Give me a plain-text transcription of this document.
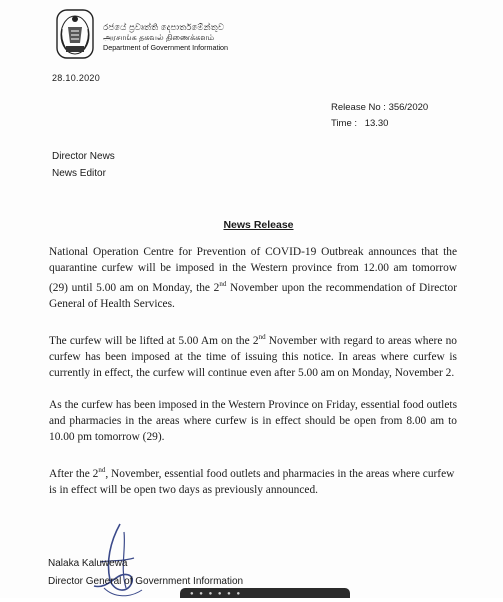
රජයේ ප්‍රවෘත්ති දෙපාර්තමේන්තුව
அரசாங்க தகவல் திணைக்களம்
Department of Government Information
28.10.2020
Release No : 356/2020
Time : 13.30
Director News
News Editor
News Release

National Operation Centre for Prevention of COVID-19 Outbreak announces that the quarantine curfew will be imposed in the Western province from 12.00 am tomorrow (29) until 5.00 am on Monday, the 2nd November upon the recommendation of Director General of Health Services.

The curfew will be lifted at 5.00 Am on the 2nd November with regard to areas where no curfew has been imposed at the time of issuing this notice. In areas where curfew is currently in effect, the curfew will continue even after 5.00 am on Monday, November 2.

As the curfew has been imposed in the Western Province on Friday, essential food outlets and pharmacies in the areas where curfew is in effect should be open from 8.00 am to 10.00 pm tomorrow (29).

After the 2nd, November, essential food outlets and pharmacies in the areas where curfew is in effect will be open two days as previously announced.

Nalaka Kaluwewa
Director General of Government Information
● ● ● ● ● ●
